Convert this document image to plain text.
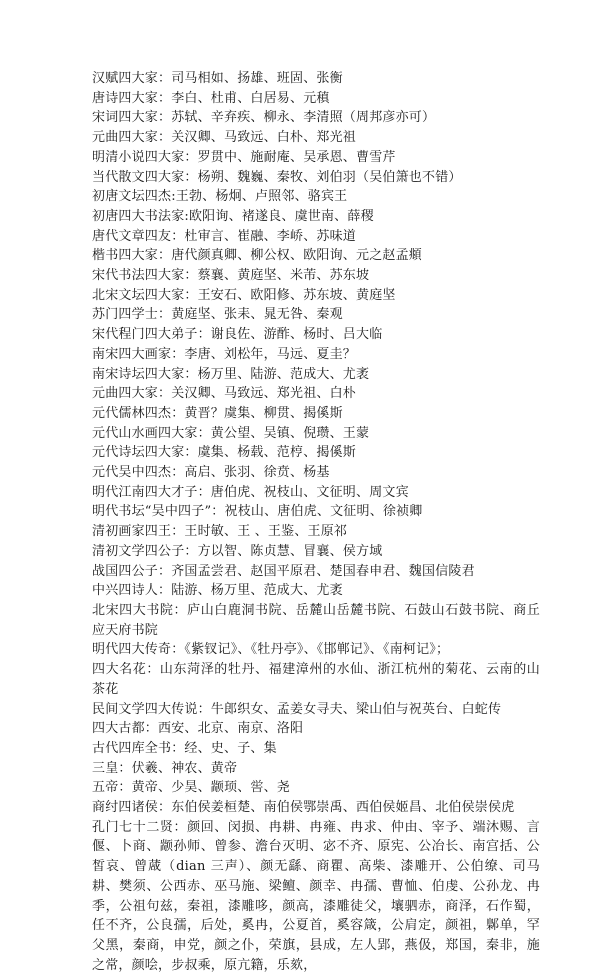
汉赋四大家：司马相如、扬雄、班固、张衡
唐诗四大家：李白、杜甫、白居易、元稹
宋词四大家：苏轼、辛弃疾、柳永、李清照（周邦彦亦可）
元曲四大家：关汉卿、马致远、白朴、郑光祖
明清小说四大家：罗贯中、施耐庵、吴承恩、曹雪芹
当代散文四大家：杨朔、魏巍、秦牧、刘伯羽（吴伯箫也不错）
初唐文坛四杰:王勃、杨炯、卢照邻、骆宾王
初唐四大书法家:欧阳询、褚遂良、虞世南、薛稷
唐代文章四友：杜审言、崔融、李峤、苏味道
楷书四大家：唐代颜真卿、柳公权、欧阳询、元之赵孟頫
宋代书法四大家：蔡襄、黄庭坚、米芾、苏东坡
北宋文坛四大家：王安石、欧阳修、苏东坡、黄庭坚
苏门四学士：黄庭坚、张耒、晁无咎、秦观
宋代程门四大弟子：谢良佐、游酢、杨时、吕大临
南宋四大画家：李唐、刘松年，马远、夏圭？
南宋诗坛四大家：杨万里、陆游、范成大、尤袤
元曲四大家：关汉卿、马致远、郑光祖、白朴
元代儒林四杰：黄晋？虞集、柳贯、揭傒斯
元代山水画四大家：黄公望、吴镇、倪瓒、王蒙
元代诗坛四大家：虞集、杨载、范梈、揭傒斯
元代吴中四杰：高启、张羽、徐贲、杨基
明代江南四大才子：唐伯虎、祝枝山、文征明、周文宾
明代书坛“吴中四子”：祝枝山、唐伯虎、文征明、徐祯卿
清初画家四王：王时敏、王 、王鉴、王原祁
清初文学四公子：方以智、陈贞慧、冒襄、侯方域
战国四公子：齐国孟尝君、赵国平原君、楚国春申君、魏国信陵君
中兴四诗人：陆游、杨万里、范成大、尤袤
北宋四大书院：庐山白鹿洞书院、岳麓山岳麓书院、石鼓山石鼓书院、商丘应天府书院
明代四大传奇：《紫钗记》、《牡丹亭》、《邯郸记》、《南柯记》；
四大名花：山东菏泽的牡丹、福建漳州的水仙、浙江杭州的菊花、云南的山茶花
民间文学四大传说：牛郎织女、孟姜女寻夫、梁山伯与祝英台、白蛇传
四大古都：西安、北京、南京、洛阳
古代四库全书：经、史、子、集
三皇：伏羲、神农、黄帝
五帝：黄帝、少昊、颛顼、喾、尧
商纣四诸侯：东伯侯姜桓楚、南伯侯鄂崇禹、西伯侯姬昌、北伯侯崇侯虎
孔门七十二贤：颜回、闵损、冉耕、冉雍、冉求、仲由、宰予、端沐赐、言偃、卜商、颛孙师、曾参、澹台灭明、宓不齐、原宪、公冶长、南宫括、公皙哀、曾蒧（dian 三声）、颜无繇、商瞿、高柴、漆雕开、公伯缭、司马耕、樊须、公西赤、巫马施、梁鳣、颜幸、冉孺、曹恤、伯虔、公孙龙、冉季，公祖句兹，秦祖，漆雕哆，颜高，漆雕徒父，壤驷赤，商泽，石作蜀，任不齐，公良孺，后处，奚冉，公夏首，奚容箴，公肩定，颜祖，鄡单，罕父黑，秦商，申党，颜之仆，荣旗，县成，左人郢，燕伋，郑国，秦非，施之常，颜哙，步叔乘，原亢籍，乐欬，
